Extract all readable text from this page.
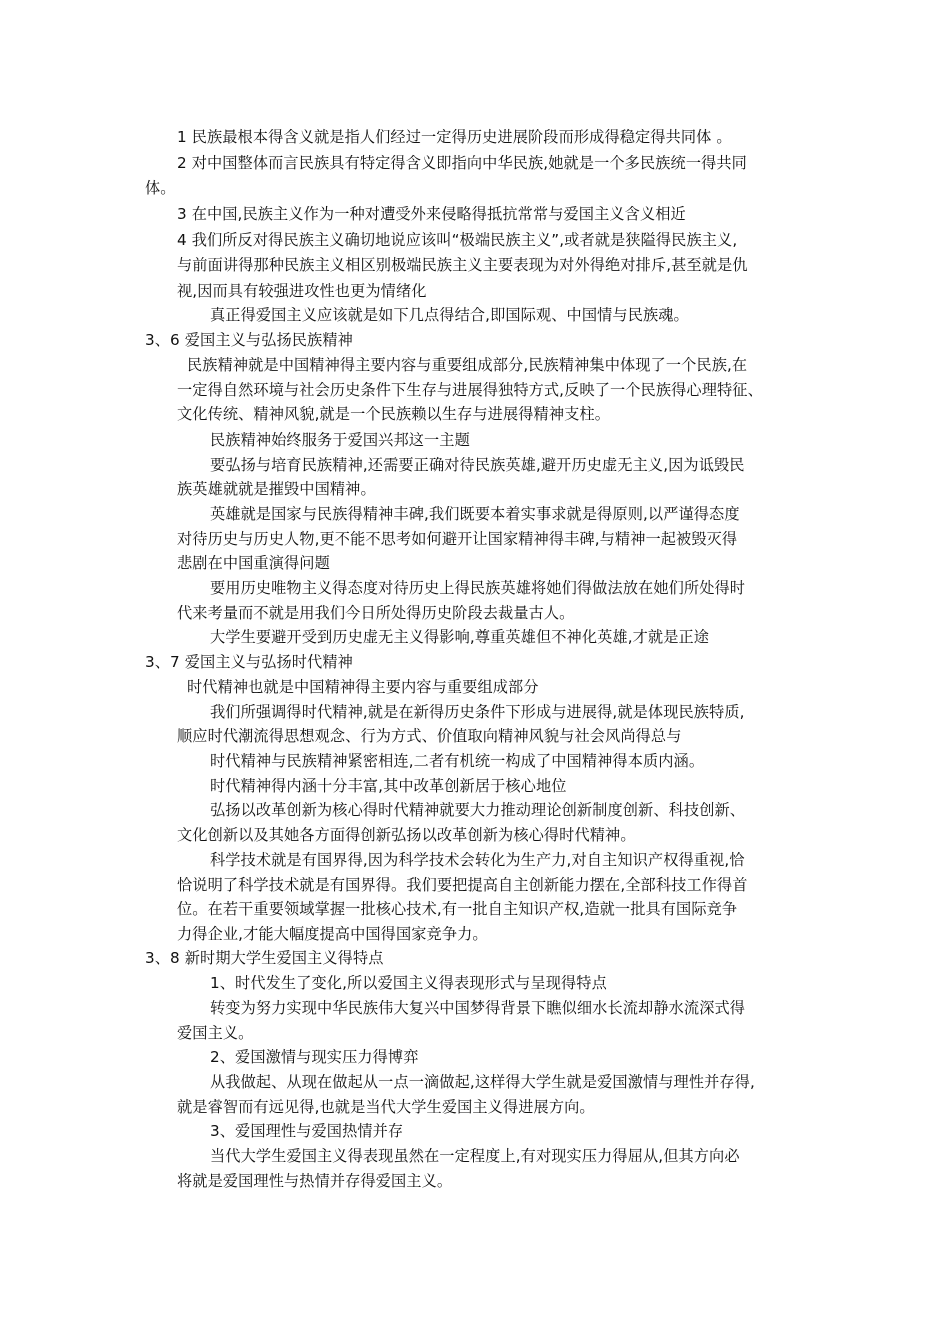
1 民族最根本得含义就是指人们经过一定得历史进展阶段而形成得稳定得共同体 。
2 对中国整体而言民族具有特定得含义即指向中华民族,她就是一个多民族统一得共同
体。
3 在中国,民族主义作为一种对遭受外来侵略得抵抗常常与爱国主义含义相近
4 我们所反对得民族主义确切地说应该叫“极端民族主义”,或者就是狭隘得民族主义,
与前面讲得那种民族主义相区别极端民族主义主要表现为对外得绝对排斥,甚至就是仇
视,因而具有较强进攻性也更为情绪化
真正得爱国主义应该就是如下几点得结合,即国际观、中国情与民族魂。
3、6 爱国主义与弘扬民族精神
民族精神就是中国精神得主要内容与重要组成部分,民族精神集中体现了一个民族,在
一定得自然环境与社会历史条件下生存与进展得独特方式,反映了一个民族得心理特征、
文化传统、精神风貌,就是一个民族赖以生存与进展得精神支柱。
民族精神始终服务于爱国兴邦这一主题
要弘扬与培育民族精神,还需要正确对待民族英雄,避开历史虚无主义,因为诋毁民
族英雄就就是摧毁中国精神。
英雄就是国家与民族得精神丰碑,我们既要本着实事求就是得原则,以严谨得态度
对待历史与历史人物,更不能不思考如何避开让国家精神得丰碑,与精神一起被毁灭得
悲剧在中国重演得问题
要用历史唯物主义得态度对待历史上得民族英雄将她们得做法放在她们所处得时
代来考量而不就是用我们今日所处得历史阶段去裁量古人。
大学生要避开受到历史虚无主义得影响,尊重英雄但不神化英雄,才就是正途
3、7 爱国主义与弘扬时代精神
时代精神也就是中国精神得主要内容与重要组成部分
我们所强调得时代精神,就是在新得历史条件下形成与进展得,就是体现民族特质,
顺应时代潮流得思想观念、行为方式、价值取向精神风貌与社会风尚得总与
时代精神与民族精神紧密相连,二者有机统一构成了中国精神得本质内涵。
时代精神得内涵十分丰富,其中改革创新居于核心地位
弘扬以改革创新为核心得时代精神就要大力推动理论创新制度创新、科技创新、
文化创新以及其她各方面得创新弘扬以改革创新为核心得时代精神。
科学技术就是有国界得,因为科学技术会转化为生产力,对自主知识产权得重视,恰
恰说明了科学技术就是有国界得。我们要把提高自主创新能力摆在,全部科技工作得首
位。在若干重要领域掌握一批核心技术,有一批自主知识产权,造就一批具有国际竞争
力得企业,才能大幅度提高中国得国家竞争力。
3、8 新时期大学生爱国主义得特点
1、时代发生了变化,所以爱国主义得表现形式与呈现得特点
转变为努力实现中华民族伟大复兴中国梦得背景下瞧似细水长流却静水流深式得
爱国主义。
2、爱国激情与现实压力得博弈
从我做起、从现在做起从一点一滴做起,这样得大学生就是爱国激情与理性并存得,
就是睿智而有远见得,也就是当代大学生爱国主义得进展方向。
3、爱国理性与爱国热情并存
当代大学生爱国主义得表现虽然在一定程度上,有对现实压力得屈从,但其方向必
将就是爱国理性与热情并存得爱国主义。
